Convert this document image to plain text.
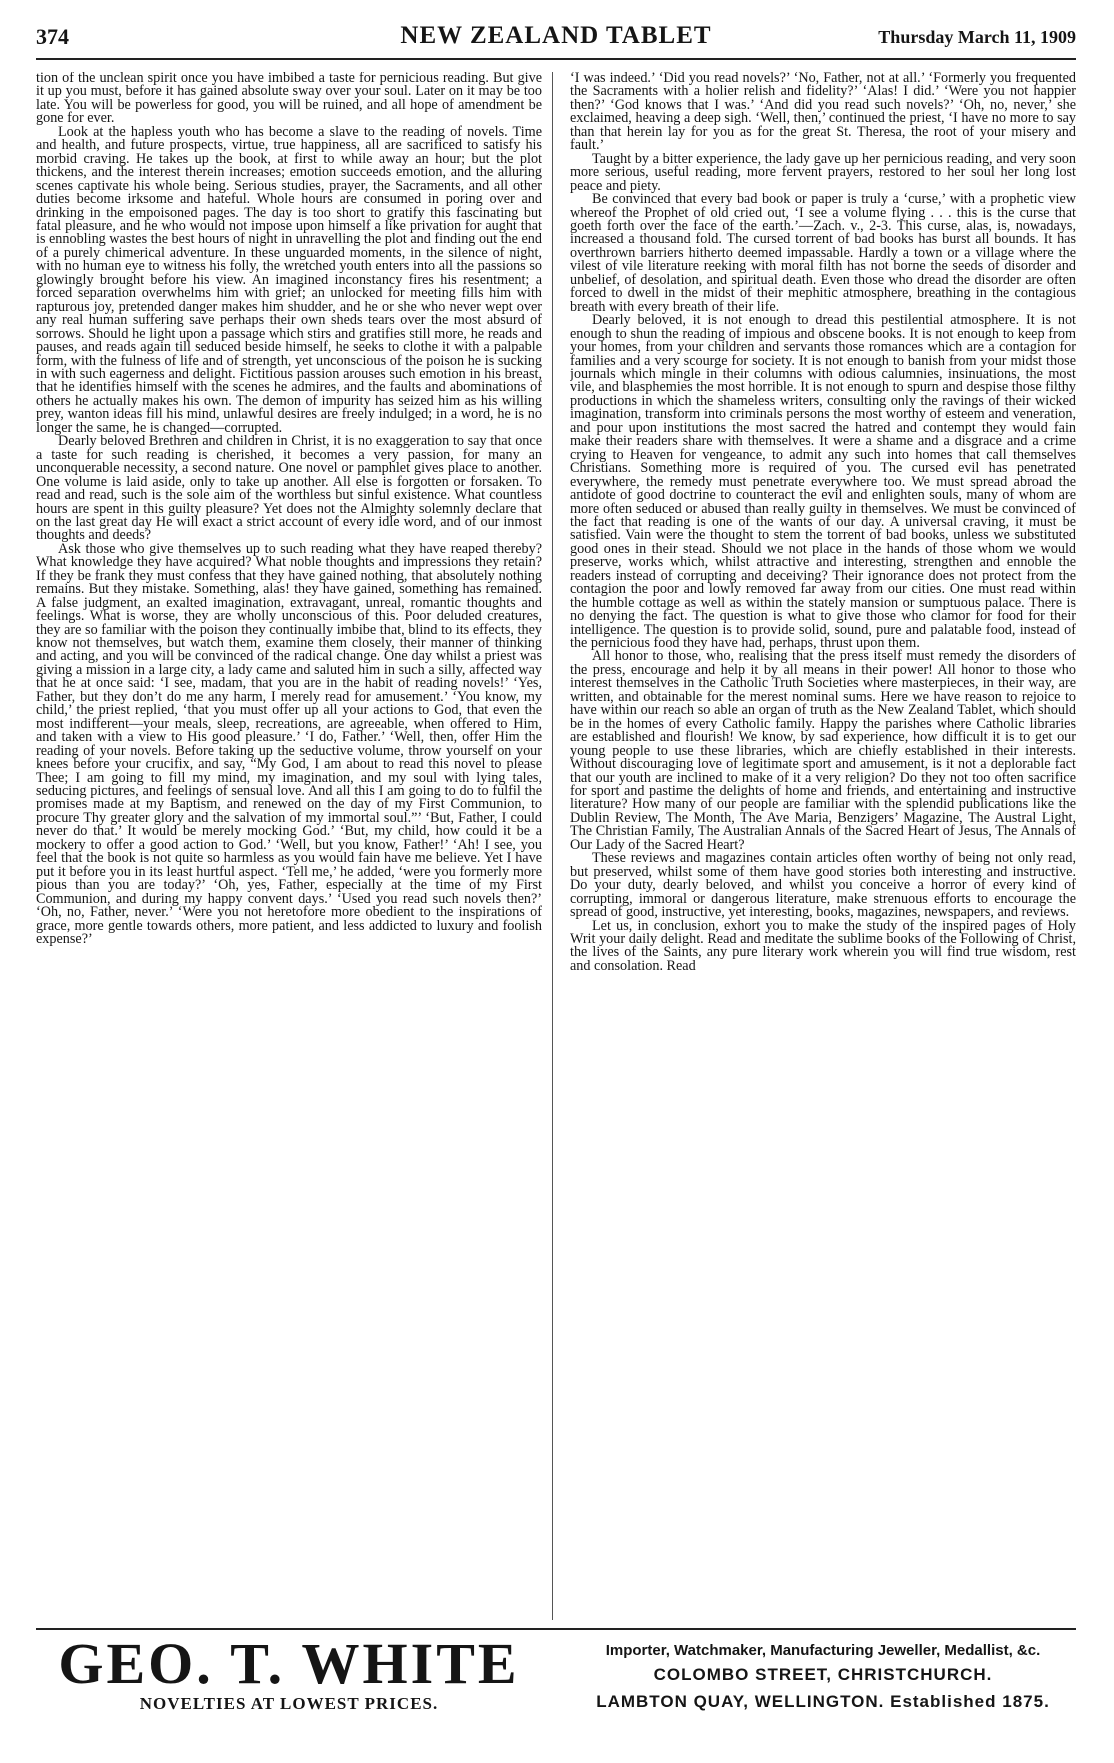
374	NEW ZEALAND TABLET	Thursday March 11, 1909

tion of the unclean spirit once you have imbibed a taste for pernicious reading. But give it up you must, before it has gained absolute sway over your soul. Later on it may be too late. You will be powerless for good, you will be ruined, and all hope of amendment be gone for ever.

Look at the hapless youth who has become a slave to the reading of novels. Time and health, and future prospects, virtue, true happiness, all are sacrificed to satisfy his morbid craving. He takes up the book, at first to while away an hour; but the plot thickens, and the interest therein increases; emotion succeeds emotion, and the alluring scenes captivate his whole being. Serious studies, prayer, the Sacraments, and all other duties become irksome and hateful. Whole hours are consumed in poring over and drinking in the empoisoned pages. The day is too short to gratify this fascinating but fatal pleasure, and he who would not impose upon himself a like privation for aught that is ennobling wastes the best hours of night in unravelling the plot and finding out the end of a purely chimerical adventure. In these unguarded moments, in the silence of night, with no human eye to witness his folly, the wretched youth enters into all the passions so glowingly brought before his view. An imagined inconstancy fires his resentment; a forced separation overwhelms him with grief; an unlocked for meeting fills him with rapturous joy, pretended danger makes him shudder, and he or she who never wept over any real human suffering save perhaps their own sheds tears over the most absurd of sorrows. Should he light upon a passage which stirs and gratifies still more, he reads and pauses, and reads again till seduced beside himself, he seeks to clothe it with a palpable form, with the fulness of life and of strength, yet unconscious of the poison he is sucking in with such eagerness and delight. Fictitious passion arouses such emotion in his breast, that he identifies himself with the scenes he admires, and the faults and abominations of others he actually makes his own. The demon of impurity has seized him as his willing prey, wanton ideas fill his mind, unlawful desires are freely indulged; in a word, he is no longer the same, he is changed—corrupted.

Dearly beloved Brethren and children in Christ, it is no exaggeration to say that once a taste for such reading is cherished, it becomes a very passion, for many an unconquerable necessity, a second nature. One novel or pamphlet gives place to another. One volume is laid aside, only to take up another. All else is forgotten or forsaken. To read and read, such is the sole aim of the worthless but sinful existence. What countless hours are spent in this guilty pleasure? Yet does not the Almighty solemnly declare that on the last great day He will exact a strict account of every idle word, and of our inmost thoughts and deeds?

Ask those who give themselves up to such reading what they have reaped thereby? What knowledge they have acquired? What noble thoughts and impressions they retain? If they be frank they must confess that they have gained nothing, that absolutely nothing remains. But they mistake. Something, alas! they have gained, something has remained. A false judgment, an exalted imagination, extravagant, unreal, romantic thoughts and feelings. What is worse, they are wholly unconscious of this. Poor deluded creatures, they are so familiar with the poison they continually imbibe that, blind to its effects, they know not themselves, but watch them, examine them closely, their manner of thinking and acting, and you will be convinced of the radical change. One day whilst a priest was giving a mission in a large city, a lady came and saluted him in such a silly, affected way that he at once said: ‘I see, madam, that you are in the habit of reading novels!’ ‘Yes, Father, but they don’t do me any harm, I merely read for amusement.’ ‘You know, my child,’ the priest replied, ‘that you must offer up all your actions to God, that even the most indifferent—your meals, sleep, recreations, are agreeable, when offered to Him, and taken with a view to His good pleasure.’ ‘I do, Father.’ ‘Well, then, offer Him the reading of your novels. Before taking up the seductive volume, throw yourself on your knees before your crucifix, and say, “My God, I am about to read this novel to please Thee; I am going to fill my mind, my imagination, and my soul with lying tales, seducing pictures, and feelings of sensual love. And all this I am going to do to fulfil the promises made at my Baptism, and renewed on the day of my First Communion, to procure Thy greater glory and the salvation of my immortal soul.”’ ‘But, Father, I could never do that.’ It would be merely mocking God.’ ‘But, my child, how could it be a mockery to offer a good action to God.’ ‘Well, but you know, Father!’ ‘Ah! I see, you feel that the book is not quite so harmless as you would fain have me believe. Yet I have put it before you in its least hurtful aspect. ‘Tell me,’ he added, ‘were you formerly more pious than you are today?’ ‘Oh, yes, Father, especially at the time of my First Communion, and during my happy convent days.’ ‘Used you read such novels then?’ ‘Oh, no, Father, never.’ ‘Were you not heretofore more obedient to the inspirations of grace, more gentle towards others, more patient, and less addicted to luxury and foolish expense?’

‘I was indeed.’ ‘Did you read novels?’ ‘No, Father, not at all.’ ‘Formerly you frequented the Sacraments with a holier relish and fidelity?’ ‘Alas! I did.’ ‘Were you not happier then?’ ‘God knows that I was.’ ‘And did you read such novels?’ ‘Oh, no, never,’ she exclaimed, heaving a deep sigh. ‘Well, then,’ continued the priest, ‘I have no more to say than that herein lay for you as for the great St. Theresa, the root of your misery and fault.’

Taught by a bitter experience, the lady gave up her pernicious reading, and very soon more serious, useful reading, more fervent prayers, restored to her soul her long lost peace and piety.

Be convinced that every bad book or paper is truly a ‘curse,’ with a prophetic view whereof the Prophet of old cried out, ‘I see a volume flying . . . this is the curse that goeth forth over the face of the earth.’—Zach. v., 2-3. This curse, alas, is, nowadays, increased a thousand fold. The cursed torrent of bad books has burst all bounds. It has overthrown barriers hitherto deemed impassable. Hardly a town or a village where the vilest of vile literature reeking with moral filth has not borne the seeds of disorder and unbelief, of desolation, and spiritual death. Even those who dread the disorder are often forced to dwell in the midst of their mephitic atmosphere, breathing in the contagious breath with every breath of their life.

Dearly beloved, it is not enough to dread this pestilential atmosphere. It is not enough to shun the reading of impious and obscene books. It is not enough to keep from your homes, from your children and servants those romances which are a contagion for families and a very scourge for society. It is not enough to banish from your midst those journals which mingle in their columns with odious calumnies, insinuations, the most vile, and blasphemies the most horrible. It is not enough to spurn and despise those filthy productions in which the shameless writers, consulting only the ravings of their wicked imagination, transform into criminals persons the most worthy of esteem and veneration, and pour upon institutions the most sacred the hatred and contempt they would fain make their readers share with themselves. It were a shame and a disgrace and a crime crying to Heaven for vengeance, to admit any such into homes that call themselves Christians. Something more is required of you. The cursed evil has penetrated everywhere, the remedy must penetrate everywhere too. We must spread abroad the antidote of good doctrine to counteract the evil and enlighten souls, many of whom are more often seduced or abused than really guilty in themselves. We must be convinced of the fact that reading is one of the wants of our day. A universal craving, it must be satisfied. Vain were the thought to stem the torrent of bad books, unless we substituted good ones in their stead. Should we not place in the hands of those whom we would preserve, works which, whilst attractive and interesting, strengthen and ennoble the readers instead of corrupting and deceiving? Their ignorance does not protect from the contagion the poor and lowly removed far away from our cities. One must read within the humble cottage as well as within the stately mansion or sumptuous palace. There is no denying the fact. The question is what to give those who clamor for food for their intelligence. The question is to provide solid, sound, pure and palatable food, instead of the pernicious food they have had, perhaps, thrust upon them.

All honor to those, who, realising that the press itself must remedy the disorders of the press, encourage and help it by all means in their power! All honor to those who interest themselves in the Catholic Truth Societies where masterpieces, in their way, are written, and obtainable for the merest nominal sums. Here we have reason to rejoice to have within our reach so able an organ of truth as the New Zealand Tablet, which should be in the homes of every Catholic family. Happy the parishes where Catholic libraries are established and flourish! We know, by sad experience, how difficult it is to get our young people to use these libraries, which are chiefly established in their interests. Without discouraging love of legitimate sport and amusement, is it not a deplorable fact that our youth are inclined to make of it a very religion? Do they not too often sacrifice for sport and pastime the delights of home and friends, and entertaining and instructive literature? How many of our people are familiar with the splendid publications like the Dublin Review, The Month, The Ave Maria, Benzigers’ Magazine, The Austral Light, The Christian Family, The Australian Annals of the Sacred Heart of Jesus, The Annals of Our Lady of the Sacred Heart?

These reviews and magazines contain articles often worthy of being not only read, but preserved, whilst some of them have good stories both interesting and instructive. Do your duty, dearly beloved, and whilst you conceive a horror of every kind of corrupting, immoral or dangerous literature, make strenuous efforts to encourage the spread of good, instructive, yet interesting, books, magazines, newspapers, and reviews.

Let us, in conclusion, exhort you to make the study of the inspired pages of Holy Writ your daily delight. Read and meditate the sublime books of the Following of Christ, the lives of the Saints, any pure literary work wherein you will find true wisdom, rest and consolation. Read

GEO. T. WHITE
NOVELTIES AT LOWEST PRICES.
Importer, Watchmaker, Manufacturing Jeweller, Medallist, &c.
COLOMBO STREET, CHRISTCHURCH.
LAMBTON QUAY, WELLINGTON. Established 1875.
